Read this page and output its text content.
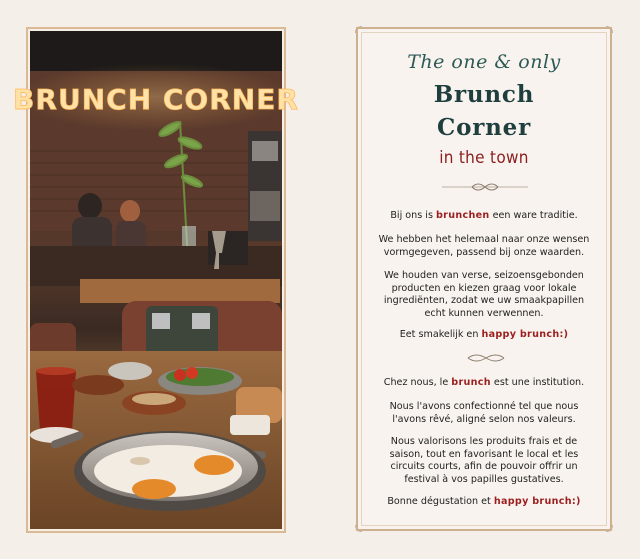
BRUNCH CORNER
The one & only
Brunch
Corner
in the town
Bij ons is brunchen een ware traditie.
We hebben het helemaal naar onze wensen vormgegeven, passend bij onze waarden.
We houden van verse, seizoensgebonden producten en kiezen graag voor lokale ingrediënten, zodat we uw smaakpapillen echt kunnen verwennen.
Eet smakelijk en happy brunch:)
Chez nous, le brunch est une institution.
Nous l'avons confectionné tel que nous l'avons rêvé, aligné selon nos valeurs.
Nous valorisons les produits frais et de saison, tout en favorisant le local et les circuits courts, afin de pouvoir offrir un festival à vos papilles gustatives.
Bonne dégustation et happy brunch:)
